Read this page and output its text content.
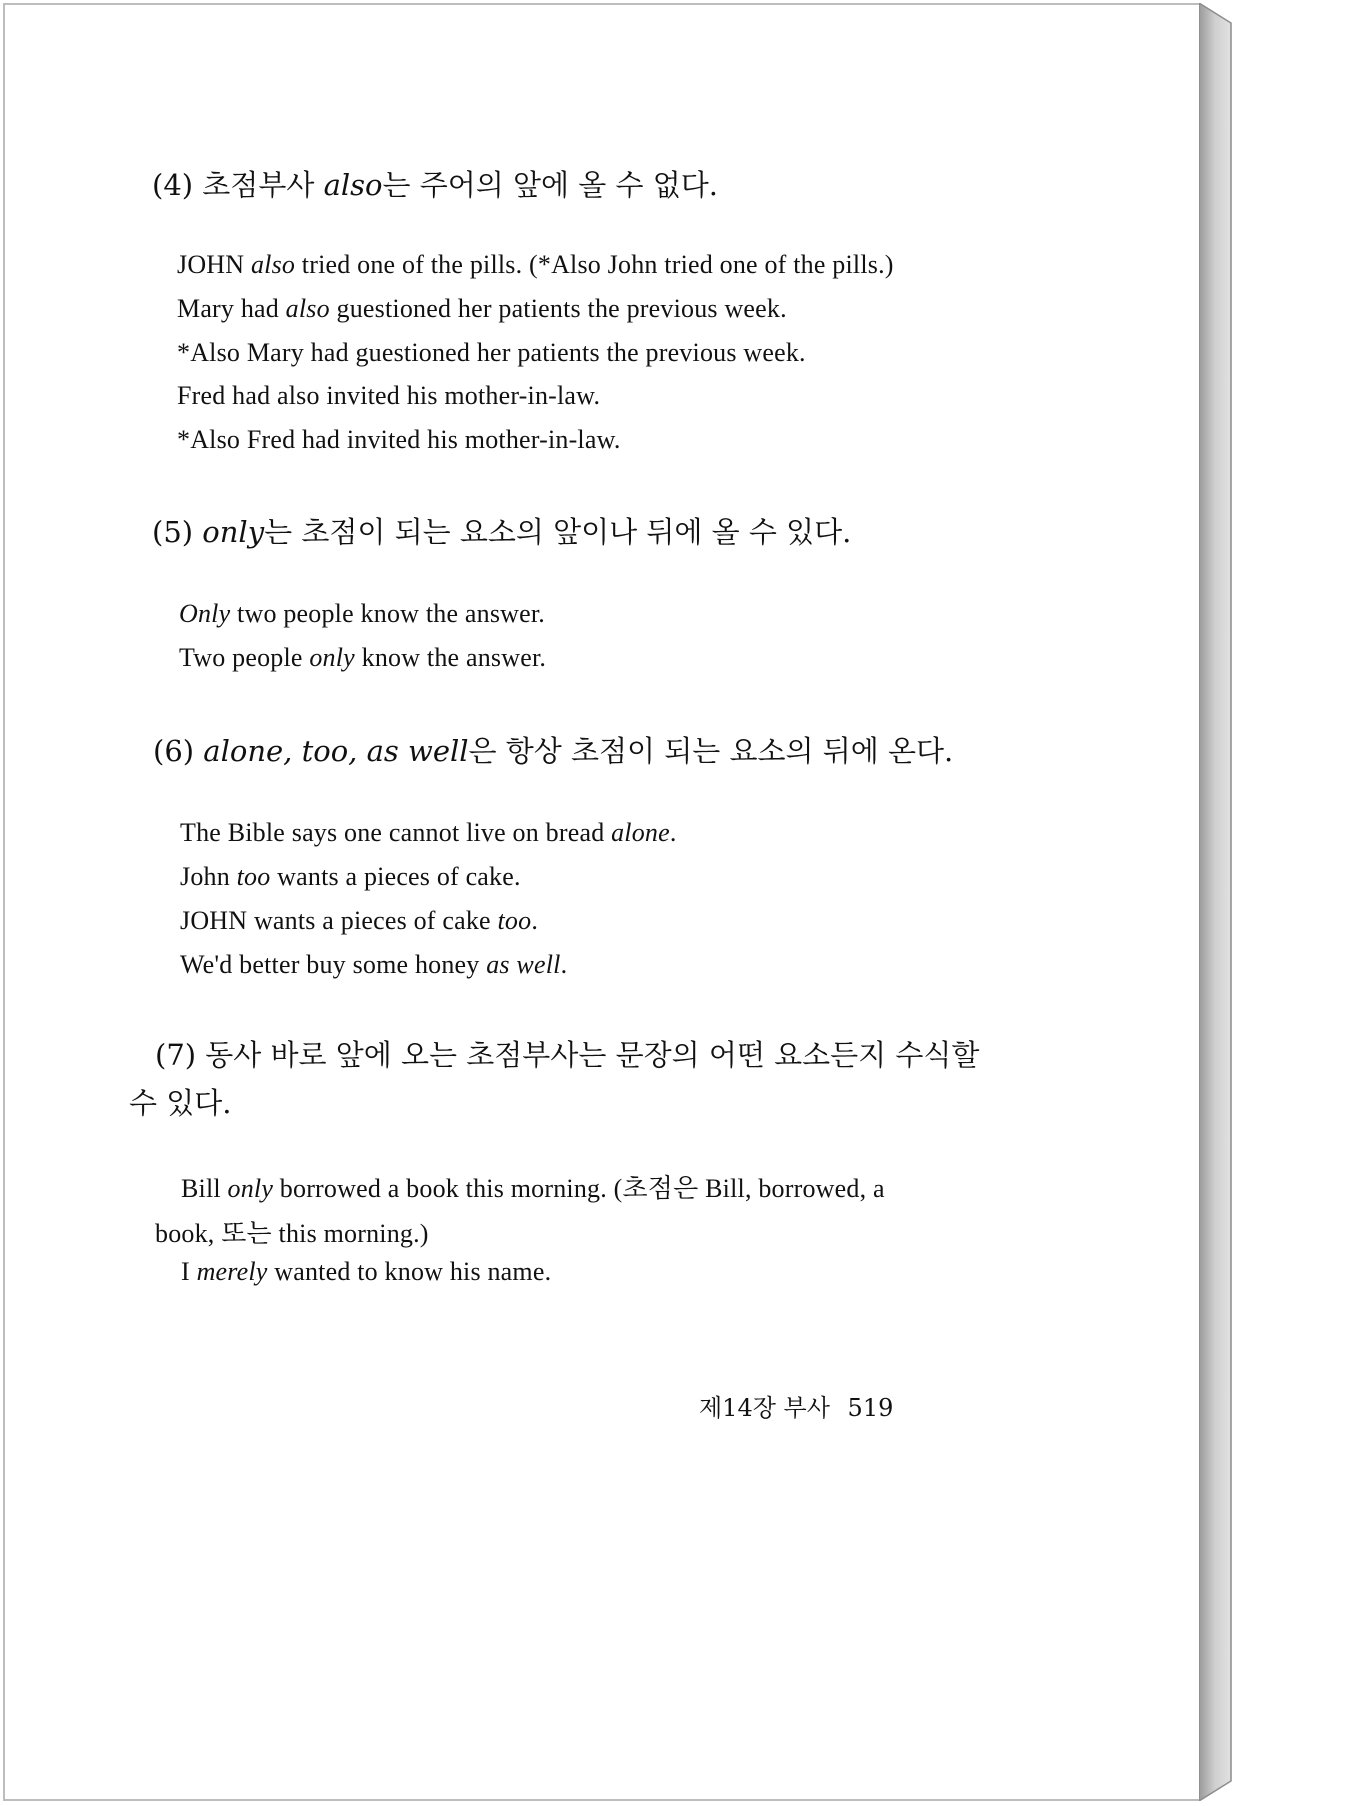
(4) 초점부사 also는 주어의 앞에 올 수 없다.

JOHN also tried one of the pills. (*Also John tried one of the pills.)

Mary had also guestioned her patients the previous week.

*Also Mary had guestioned her patients the previous week.

Fred had also invited his mother-in-law.

*Also Fred had invited his mother-in-law.

(5) only는 초점이 되는 요소의 앞이나 뒤에 올 수 있다.

Only two people know the answer.

Two people only know the answer.

(6) alone, too, as well은 항상 초점이 되는 요소의 뒤에 온다.

The Bible says one cannot live on bread alone.

John too wants a pieces of cake.

JOHN wants a pieces of cake too.

We'd better buy some honey as well.

(7) 동사 바로 앞에 오는 초점부사는 문장의 어떤 요소든지 수식할

수 있다.

Bill only borrowed a book this morning. (초점은 Bill, borrowed, a

book, 또는 this morning.)

I merely wanted to know his name.

제14장 부사 519
